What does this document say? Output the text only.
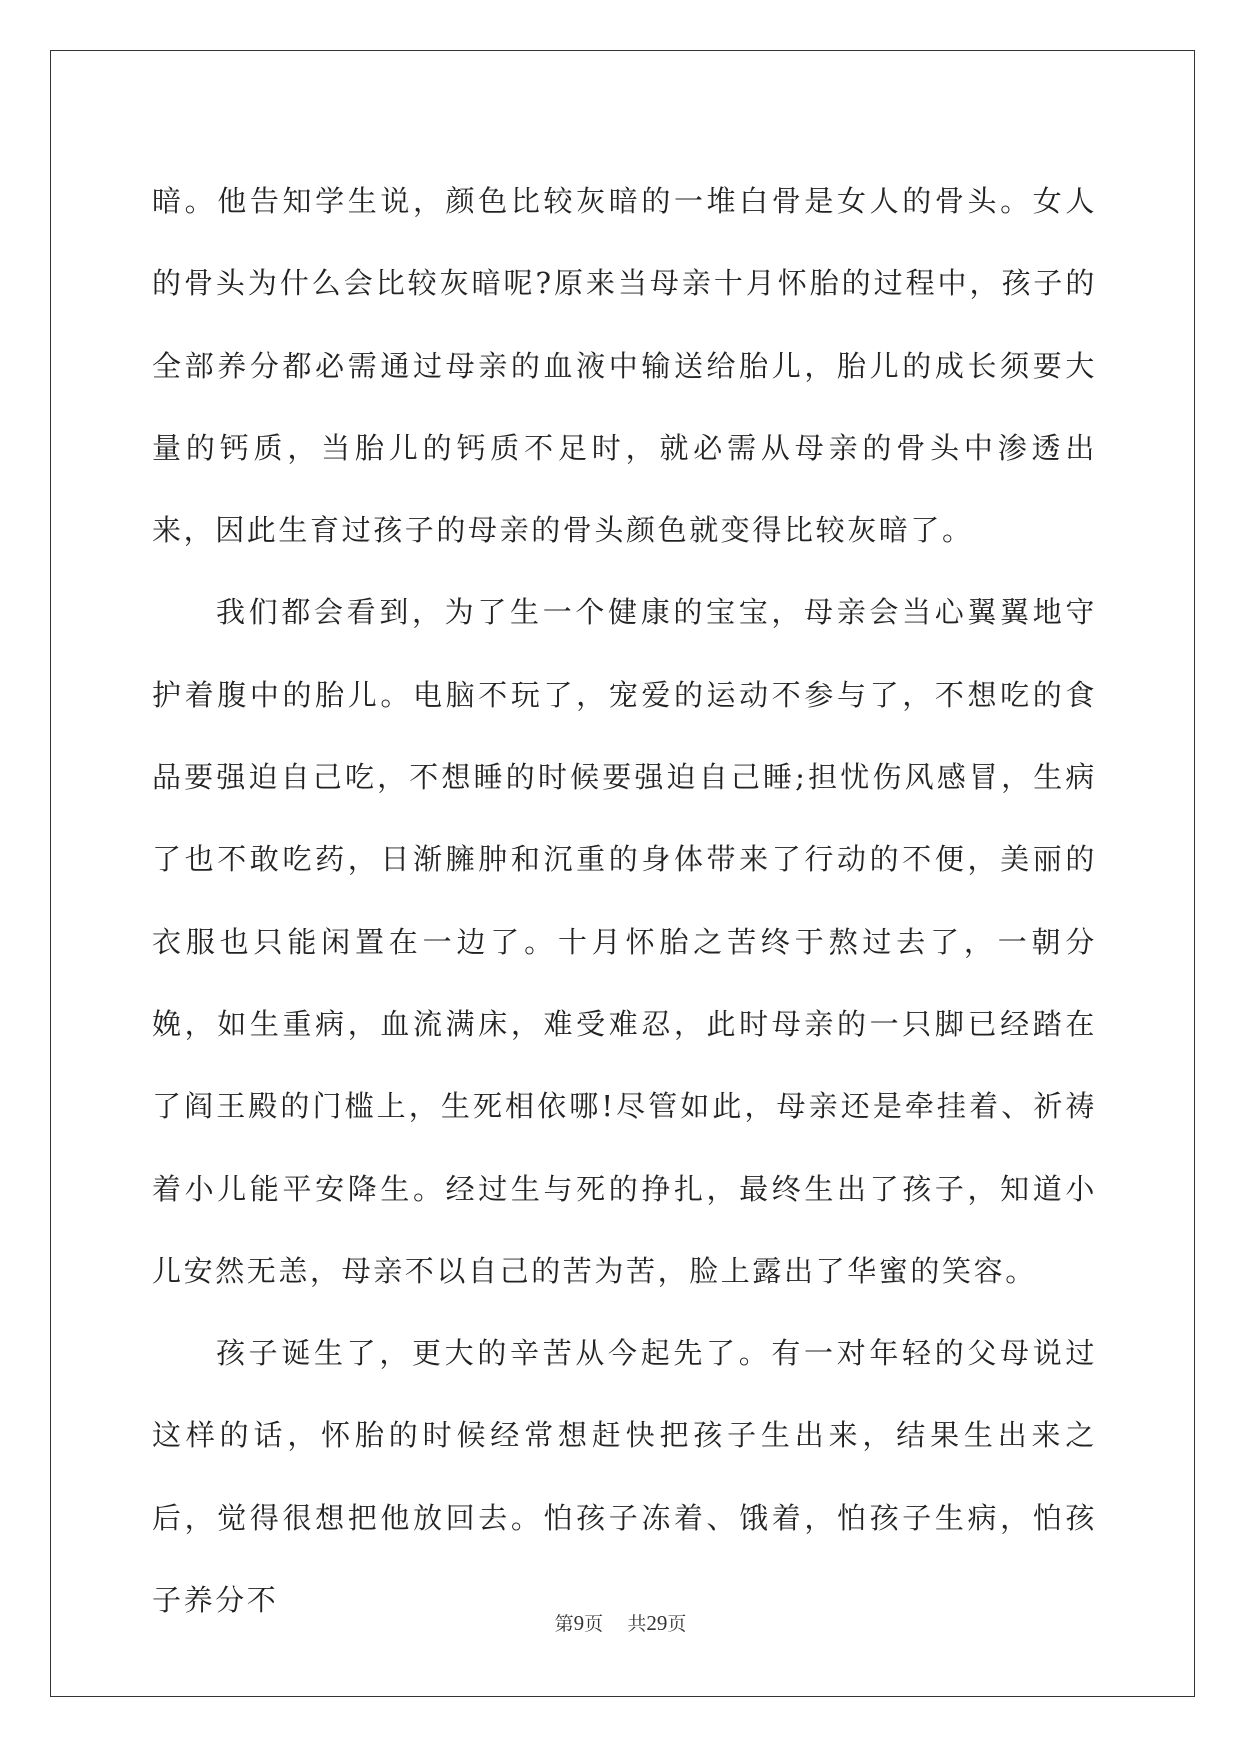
暗。他告知学生说，颜色比较灰暗的一堆白骨是女人的骨头。女人的骨头为什么会比较灰暗呢?原来当母亲十月怀胎的过程中，孩子的全部养分都必需通过母亲的血液中输送给胎儿，胎儿的成长须要大量的钙质，当胎儿的钙质不足时，就必需从母亲的骨头中渗透出来，因此生育过孩子的母亲的骨头颜色就变得比较灰暗了。

我们都会看到，为了生一个健康的宝宝，母亲会当心翼翼地守护着腹中的胎儿。电脑不玩了，宠爱的运动不参与了，不想吃的食品要强迫自己吃，不想睡的时候要强迫自己睡;担忧伤风感冒，生病了也不敢吃药，日渐臃肿和沉重的身体带来了行动的不便，美丽的衣服也只能闲置在一边了。十月怀胎之苦终于熬过去了，一朝分娩，如生重病，血流满床，难受难忍，此时母亲的一只脚已经踏在了阎王殿的门槛上，生死相依哪!尽管如此，母亲还是牵挂着、祈祷着小儿能平安降生。经过生与死的挣扎，最终生出了孩子，知道小儿安然无恙，母亲不以自己的苦为苦，脸上露出了华蜜的笑容。

孩子诞生了，更大的辛苦从今起先了。有一对年轻的父母说过这样的话，怀胎的时候经常想赶快把孩子生出来，结果生出来之后，觉得很想把他放回去。怕孩子冻着、饿着，怕孩子生病，怕孩子养分不

第9页    共29页
